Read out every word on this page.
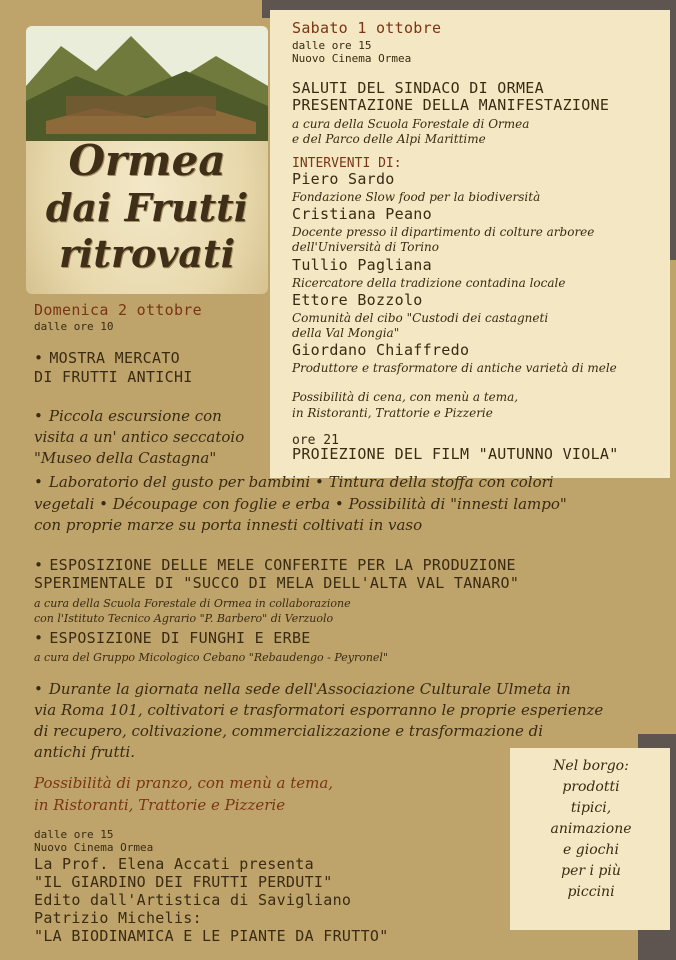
Ormea
dai Frutti
ritrovati
Sabato 1 ottobre
dalle ore 15
Nuovo Cinema Ormea
SALUTI DEL SINDACO DI ORMEA
PRESENTAZIONE DELLA MANIFESTAZIONE
a cura della Scuola Forestale di Ormea
e del Parco delle Alpi Marittime
INTERVENTI DI:
Piero Sardo
Fondazione Slow food per la biodiversità
Cristiana Peano
Docente presso il dipartimento di colture arboree
dell'Università di Torino
Tullio Pagliana
Ricercatore della tradizione contadina locale
Ettore Bozzolo
Comunità del cibo "Custodi dei castagneti
della Val Mongia"
Giordano Chiaffredo
Produttore e trasformatore di antiche varietà di mele
Possibilità di cena, con menù a tema,
in Ristoranti, Trattorie e Pizzerie
ore 21
PROIEZIONE DEL FILM "AUTUNNO VIOLA"
Domenica 2 ottobre
dalle ore 10
• MOSTRA MERCATO
DI FRUTTI ANTICHI
• Piccola escursione con
visita a un' antico seccatoio
"Museo della Castagna"
• Laboratorio del gusto per bambini • Tintura della stoffa con colori
vegetali • Découpage con foglie e erba • Possibilità di "innesti lampo"
con proprie marze su porta innesti coltivati in vaso
• ESPOSIZIONE DELLE MELE CONFERITE PER LA PRODUZIONE
SPERIMENTALE DI "SUCCO DI MELA DELL'ALTA VAL TANARO"
a cura della Scuola Forestale di Ormea in collaborazione
con l'Istituto Tecnico Agrario "P. Barbero" di Verzuolo
• ESPOSIZIONE DI FUNGHI E ERBE
a cura del Gruppo Micologico Cebano "Rebaudengo - Peyronel"
• Durante la giornata nella sede dell'Associazione Culturale Ulmeta in
via Roma 101, coltivatori e trasformatori esporranno le proprie esperienze
di recupero, coltivazione, commercializzazione e trasformazione di
antichi frutti.
Possibilità di pranzo, con menù a tema,
in Ristoranti, Trattorie e Pizzerie
dalle ore 15
Nuovo Cinema Ormea
La Prof. Elena Accati presenta
"IL GIARDINO DEI FRUTTI PERDUTI"
Edito dall'Artistica di Savigliano
Patrizio Michelis:
"LA BIODINAMICA E LE PIANTE DA FRUTTO"
Nel borgo:
prodotti
tipici,
animazione
e giochi
per i più
piccini
